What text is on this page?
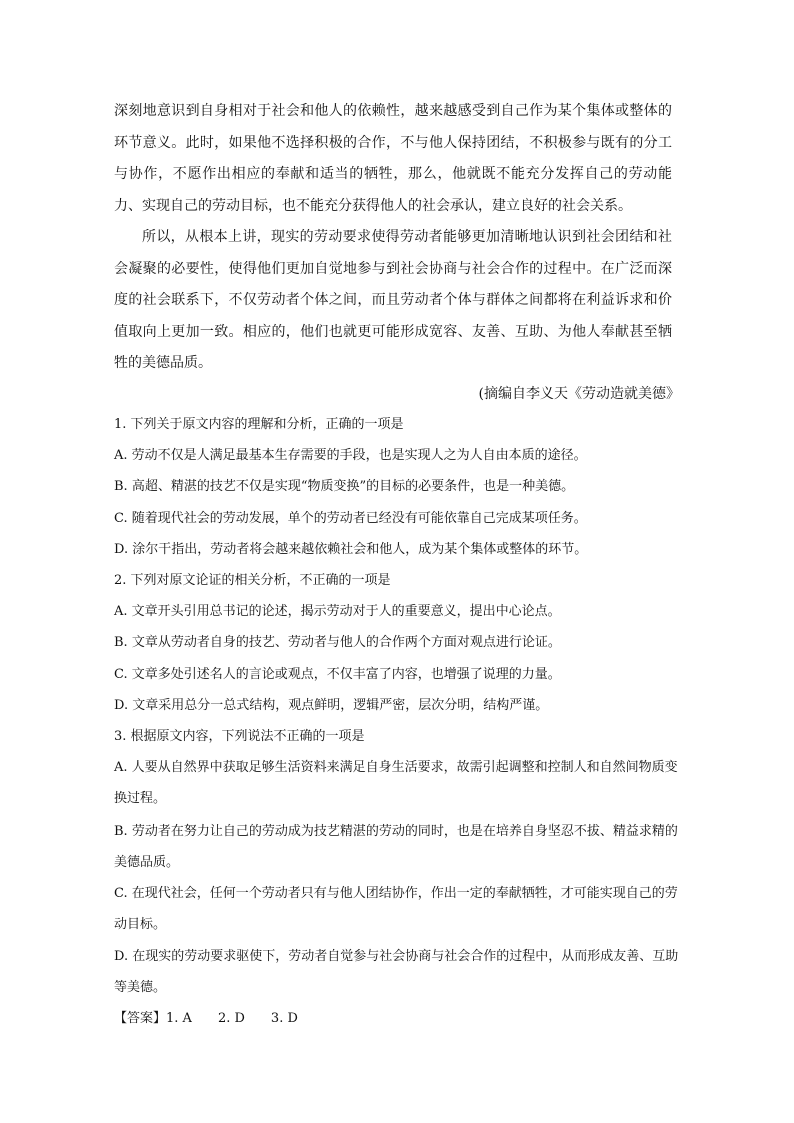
深刻地意识到自身相对于社会和他人的依赖性，越来越感受到自己作为某个集体或整体的环节意义。此时，如果他不选择积极的合作，不与他人保持团结，不积极参与既有的分工与协作，不愿作出相应的奉献和适当的牺牲，那么，他就既不能充分发挥自己的劳动能力、实现自己的劳动目标，也不能充分获得他人的社会承认，建立良好的社会关系。

所以，从根本上讲，现实的劳动要求使得劳动者能够更加清晰地认识到社会团结和社会凝聚的必要性，使得他们更加自觉地参与到社会协商与社会合作的过程中。在广泛而深度的社会联系下，不仅劳动者个体之间，而且劳动者个体与群体之间都将在利益诉求和价值取向上更加一致。相应的，他们也就更可能形成宽容、友善、互助、为他人奉献甚至牺牲的美德品质。

(摘编自李义天《劳动造就美德》

1. 下列关于原文内容的理解和分析，正确的一项是

A. 劳动不仅是人满足最基本生存需要的手段，也是实现人之为人自由本质的途径。

B. 高超、精湛的技艺不仅是实现“物质变换”的目标的必要条件，也是一种美德。

C. 随着现代社会的劳动发展，单个的劳动者已经没有可能依靠自己完成某项任务。

D. 涂尔干指出，劳动者将会越来越依赖社会和他人，成为某个集体或整体的环节。

2. 下列对原文论证的相关分析，不正确的一项是

A. 文章开头引用总书记的论述，揭示劳动对于人的重要意义，提出中心论点。

B. 文章从劳动者自身的技艺、劳动者与他人的合作两个方面对观点进行论证。

C. 文章多处引述名人的言论或观点，不仅丰富了内容，也增强了说理的力量。

D. 文章采用总分一总式结构，观点鲜明，逻辑严密，层次分明，结构严谨。

3. 根据原文内容，下列说法不正确的一项是

A. 人要从自然界中获取足够生活资料来满足自身生活要求，故需引起调整和控制人和自然间物质变换过程。

B. 劳动者在努力让自己的劳动成为技艺精湛的劳动的同时，也是在培养自身坚忍不拔、精益求精的美德品质。

C. 在现代社会，任何一个劳动者只有与他人团结协作，作出一定的奉献牺牲，才可能实现自己的劳动目标。

D. 在现实的劳动要求驱使下，劳动者自觉参与社会协商与社会合作的过程中，从而形成友善、互助等美德。

【答案】1. A 2. D 3. D
